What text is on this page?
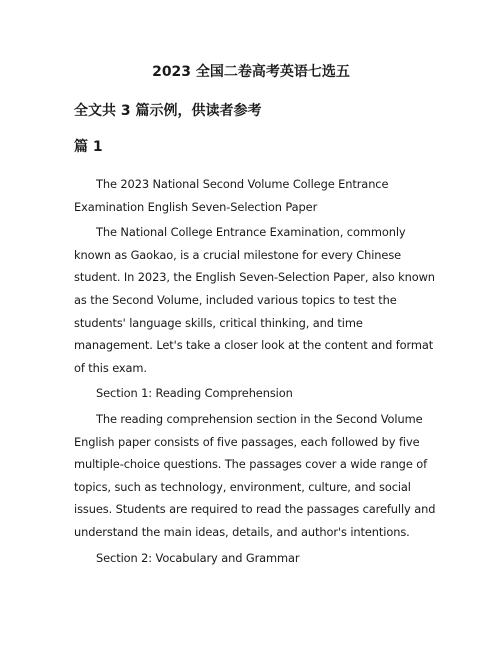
2023 全国二卷高考英语七选五
全文共 3 篇示例，供读者参考
篇 1

The 2023 National Second Volume College Entrance Examination English Seven-Selection Paper

The National College Entrance Examination, commonly known as Gaokao, is a crucial milestone for every Chinese student. In 2023, the English Seven-Selection Paper, also known as the Second Volume, included various topics to test the students' language skills, critical thinking, and time management. Let's take a closer look at the content and format of this exam.

Section 1: Reading Comprehension

The reading comprehension section in the Second Volume English paper consists of five passages, each followed by five multiple-choice questions. The passages cover a wide range of topics, such as technology, environment, culture, and social issues. Students are required to read the passages carefully and understand the main ideas, details, and author's intentions.

Section 2: Vocabulary and Grammar
